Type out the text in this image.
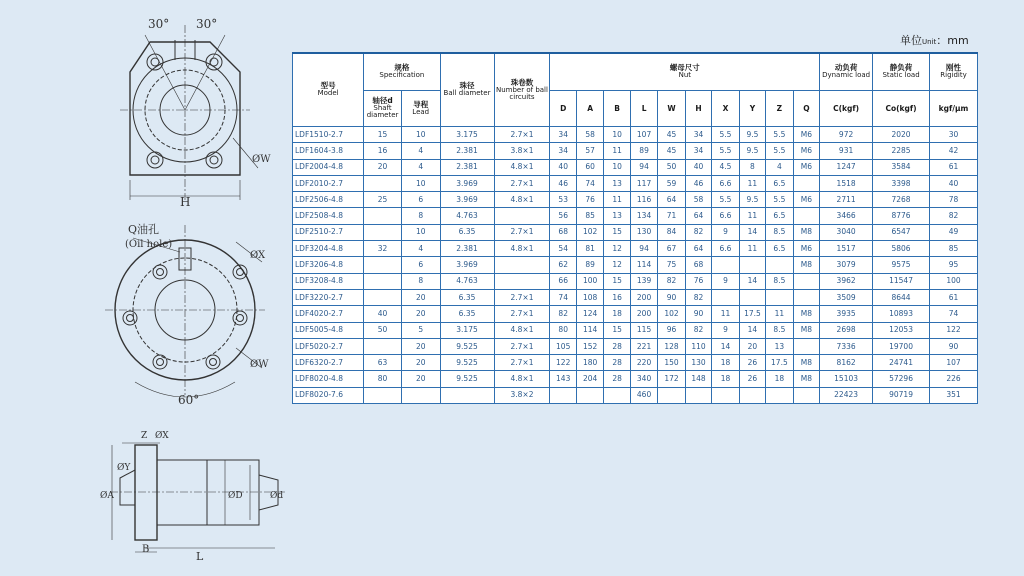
30° 30°
ØW
H
Q油孔
(Oil hole)
ØX
ØW
60°
Z ØX
ØY
ØA	ØD	Ød
B
L
单位Unit：mm
型号
Model	规格
Specification		珠径
Ball diameter	珠卷数
Number of ball circuits	螺母尺寸
Nut										动负荷
Dynamic load	静负荷
Static load	刚性
Rigidity

	轴径d
Shaft diameter	导程
Lead			D	A	B	L	W	H	X	Y	Z	Q	C(kgf)	Co(kgf)	kgf/μm
LDF1510-2.7	15	10	3.175	2.7×1	34	58	10	107	45	34	5.5	9.5	5.5	M6	972	2020	30
LDF1604-3.8	16	4	2.381	3.8×1	34	57	11	89	45	34	5.5	9.5	5.5	M6	931	2285	42
LDF2004-4.8	20	4	2.381	4.8×1	40	60	10	94	50	40	4.5	8	4	M6	1247	3584	61
LDF2010-2.7		10	3.969	2.7×1	46	74	13	117	59	46	6.6	11	6.5		1518	3398	40
LDF2506-4.8	25	6	3.969	4.8×1	53	76	11	116	64	58	5.5	9.5	5.5	M6	2711	7268	78
LDF2508-4.8		8	4.763		56	85	13	134	71	64	6.6	11	6.5		3466	8776	82
LDF2510-2.7		10	6.35	2.7×1	68	102	15	130	84	82	9	14	8.5	M8	3040	6547	49
LDF3204-4.8	32	4	2.381	4.8×1	54	81	12	94	67	64	6.6	11	6.5	M6	1517	5806	85
LDF3206-4.8		6	3.969		62	89	12	114	75	68				M8	3079	9575	95
LDF3208-4.8		8	4.763		66	100	15	139	82	76	9	14	8.5		3962	11547	100
LDF3220-2.7		20	6.35	2.7×1	74	108	16	200	90	82					3509	8644	61
LDF4020-2.7	40	20	6.35	2.7×1	82	124	18	200	102	90	11	17.5	11	M8	3935	10893	74
LDF5005-4.8	50	5	3.175	4.8×1	80	114	15	115	96	82	9	14	8.5	M8	2698	12053	122
LDF5020-2.7		20	9.525	2.7×1	105	152	28	221	128	110	14	20	13		7336	19700	90
LDF6320-2.7	63	20	9.525	2.7×1	122	180	28	220	150	130	18	26	17.5	M8	8162	24741	107
LDF8020-4.8	80	20	9.525	4.8×1	143	204	28	340	172	148	18	26	18	M8	15103	57296	226
LDF8020-7.6				3.8×2				460							22423	90719	351
